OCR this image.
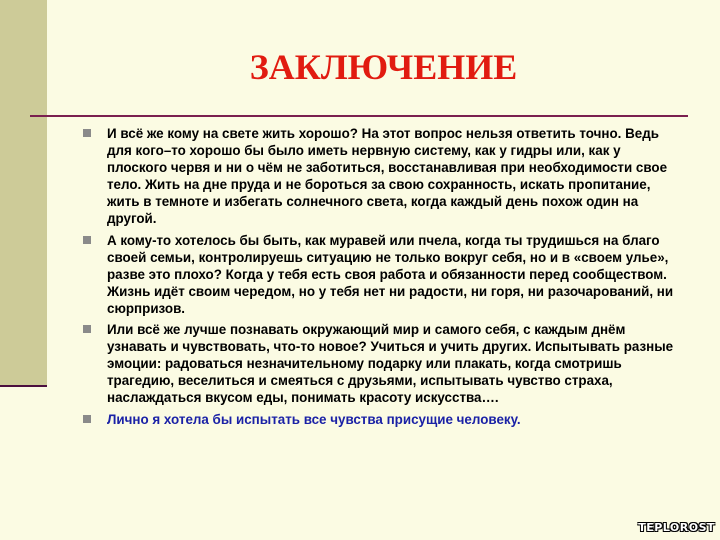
ЗАКЛЮЧЕНИЕ
И всё же кому на свете жить хорошо? На этот вопрос нельзя ответить точно. Ведь для кого–то хорошо бы было иметь нервную систему, как у гидры или, как у плоского червя и ни о чём не заботиться, восстанавливая при необходимости свое тело. Жить на дне пруда и не бороться за свою сохранность, искать пропитание, жить в темноте и избегать солнечного света, когда каждый день похож один на другой.
А кому-то хотелось бы быть, как муравей или пчела, когда ты трудишься на благо своей семьи, контролируешь ситуацию не только вокруг себя, но и в «своем улье», разве это плохо? Когда у тебя есть своя работа и обязанности перед сообществом. Жизнь идёт своим чередом, но у тебя нет ни радости, ни горя, ни разочарований, ни сюрпризов.
Или всё же лучше познавать окружающий мир и самого себя, с каждым днём узнавать и чувствовать, что-то новое? Учиться и учить других. Испытывать разные эмоции: радоваться незначительному подарку или плакать, когда смотришь трагедию, веселиться и смеяться с друзьями, испытывать чувство страха, наслаждаться вкусом еды, понимать красоту искусства….
Лично я хотела бы испытать все чувства присущие человеку.
TEPLOROST
